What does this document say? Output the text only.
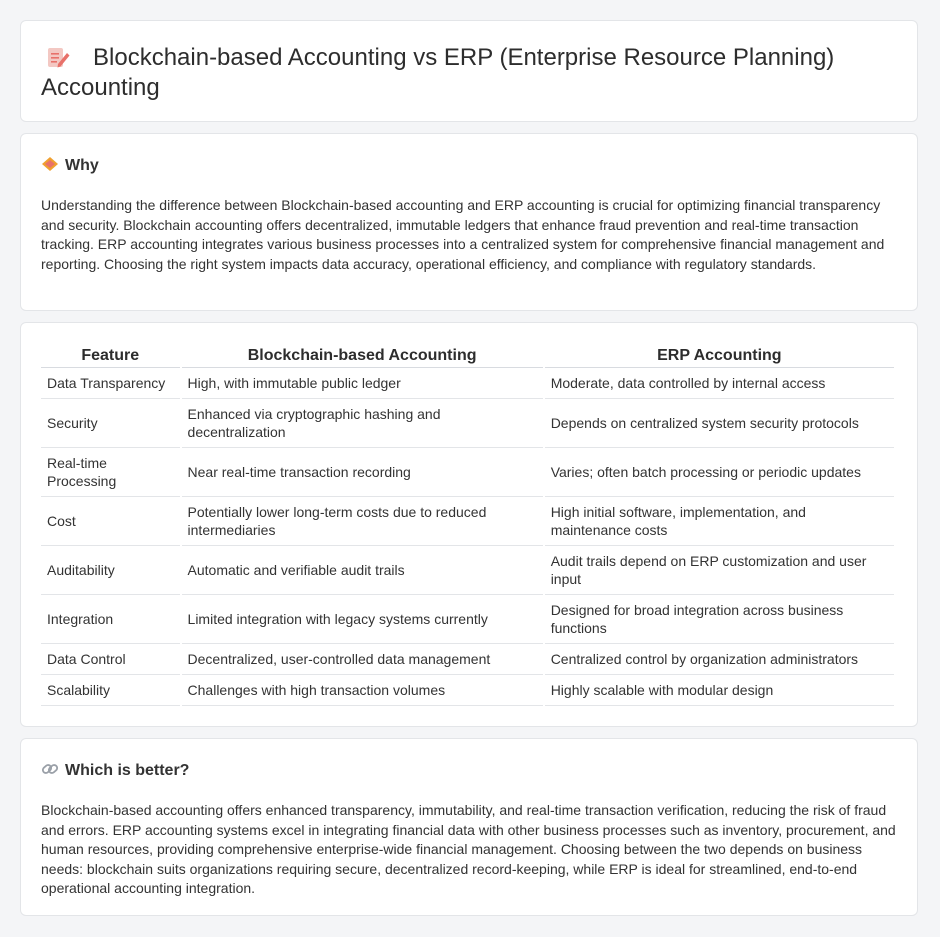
Blockchain-based Accounting vs ERP (Enterprise Resource Planning) Accounting
Why

Understanding the difference between Blockchain-based accounting and ERP accounting is crucial for optimizing financial transparency and security. Blockchain accounting offers decentralized, immutable ledgers that enhance fraud prevention and real-time transaction tracking. ERP accounting integrates various business processes into a centralized system for comprehensive financial management and reporting. Choosing the right system impacts data accuracy, operational efficiency, and compliance with regulatory standards.

Feature	Blockchain-based Accounting	ERP Accounting
Data Transparency	High, with immutable public ledger	Moderate, data controlled by internal access
Security	Enhanced via cryptographic hashing and decentralization	Depends on centralized system security protocols
Real-time Processing	Near real-time transaction recording	Varies; often batch processing or periodic updates
Cost	Potentially lower long-term costs due to reduced intermediaries	High initial software, implementation, and maintenance costs
Auditability	Automatic and verifiable audit trails	Audit trails depend on ERP customization and user input
Integration	Limited integration with legacy systems currently	Designed for broad integration across business functions
Data Control	Decentralized, user-controlled data management	Centralized control by organization administrators
Scalability	Challenges with high transaction volumes	Highly scalable with modular design
Which is better?

Blockchain-based accounting offers enhanced transparency, immutability, and real-time transaction verification, reducing the risk of fraud and errors. ERP accounting systems excel in integrating financial data with other business processes such as inventory, procurement, and human resources, providing comprehensive enterprise-wide financial management. Choosing between the two depends on business needs: blockchain suits organizations requiring secure, decentralized record-keeping, while ERP is ideal for streamlined, end-to-end operational accounting integration.
